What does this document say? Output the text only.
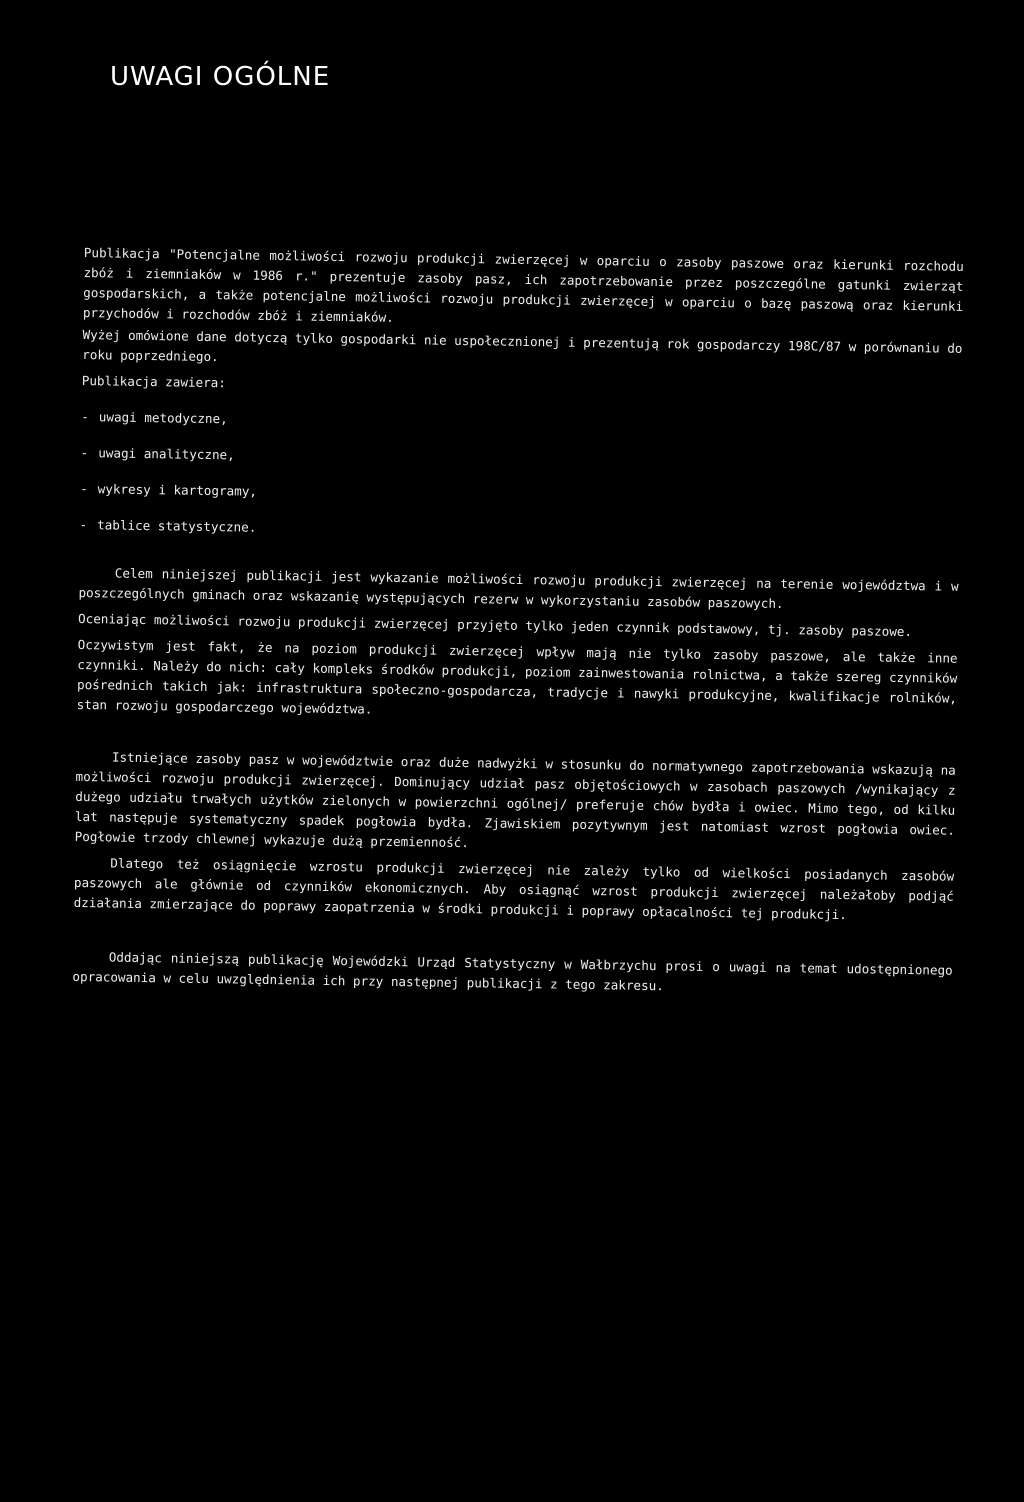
UWAGI OGÓLNE

Publikacja "Potencjalne możliwości rozwoju produkcji zwierzęcej w oparciu o zasoby paszowe oraz kierunki rozchodu zbóż i ziemniaków w 1986 r." prezentuje zasoby pasz, ich zapotrzebowanie przez poszczególne gatunki zwierząt gospodarskich, a także potencjalne możliwości rozwoju produkcji zwierzęcej w oparciu o bazę paszową oraz kierunki przychodów i rozchodów zbóż i ziemniaków.

Wyżej omówione dane dotyczą tylko gospodarki nie uspołecznionej i prezentują rok gospodarczy 198C/87 w porównaniu do roku poprzedniego.

Publikacja zawiera:

- uwagi metodyczne,
- uwagi analityczne,
- wykresy i kartogramy,
- tablice statystyczne.

Celem niniejszej publikacji jest wykazanie możliwości rozwoju produkcji zwierzęcej na terenie województwa i w poszczególnych gminach oraz wskazanię występujących rezerw w wykorzystaniu zasobów paszowych.

Oceniając możliwości rozwoju produkcji zwierzęcej przyjęto tylko jeden czynnik podstawowy, tj. zasoby paszowe.

Oczywistym jest fakt, że na poziom produkcji zwierzęcej wpływ mają nie tylko zasoby paszowe, ale także inne czynniki. Należy do nich: cały kompleks środków produkcji, poziom zainwestowania rolnictwa, a także szereg czynników pośrednich takich jak: infrastruktura społeczno-gospodarcza, tradycje i nawyki produkcyjne, kwalifikacje rolników, stan rozwoju gospodarczego województwa.

Istniejące zasoby pasz w województwie oraz duże nadwyżki w stosunku do normatywnego zapotrzebowania wskazują na możliwości rozwoju produkcji zwierzęcej. Dominujący udział pasz objętościowych w zasobach paszowych /wynikający z dużego udziału trwałych użytków zielonych w powierzchni ogólnej/ preferuje chów bydła i owiec. Mimo tego, od kilku lat następuje systematyczny spadek pogłowia bydła. Zjawiskiem pozytywnym jest natomiast wzrost pogłowia owiec. Pogłowie trzody chlewnej wykazuje dużą przemienność.

Dlatego też osiągnięcie wzrostu produkcji zwierzęcej nie zależy tylko od wielkości posiadanych zasobów paszowych ale głównie od czynników ekonomicznych. Aby osiągnąć wzrost produkcji zwierzęcej należałoby podjąć działania zmierzające do poprawy zaopatrzenia w środki produkcji i poprawy opłacalności tej produkcji.

Oddając niniejszą publikację Wojewódzki Urząd Statystyczny w Wałbrzychu prosi o uwagi na temat udostępnionego opracowania w celu uwzględnienia ich przy następnej publikacji z tego zakresu.
